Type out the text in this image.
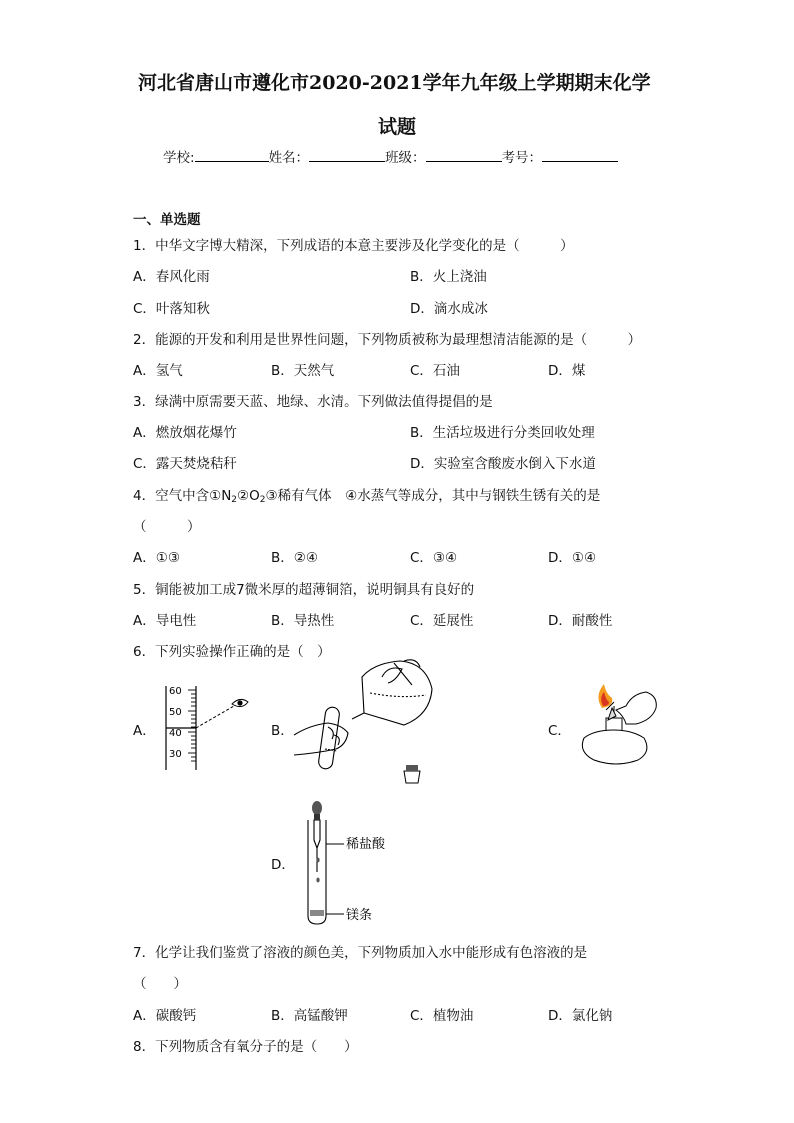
河北省唐山市遵化市2020-2021学年九年级上学期期末化学
试题
学校:	姓名：	班级：	考号：
一、单选题
1．中华文字博大精深，下列成语的本意主要涉及化学变化的是（　　　）
A．春风化雨	B．火上浇油
C．叶落知秋	D．滴水成冰
2．能源的开发和利用是世界性问题，下列物质被称为最理想清洁能源的是（　　　）
A．氢气	B．天然气	C．石油	D．煤
3．绿满中原需要天蓝、地绿、水清。下列做法值得提倡的是
A．燃放烟花爆竹	B．生活垃圾进行分类回收处理
C．露天焚烧秸秆	D．实验室含酸废水倒入下水道
4．空气中含$①N_2②O_2③$稀有气体　④水蒸气等成分，其中与钢铁生锈有关的是
（　　　）
A．①③	B．②④	C．③④	D．①④
5．铜能被加工成7微米厚的超薄铜箔，说明铜具有良好的
A．导电性	B．导热性	C．延展性	D．耐酸性
6．下列实验操作正确的是（　）
A．
60
50
40
30
B．	C．
D．
稀盐酸
镁条
7．化学让我们鉴赏了溶液的颜色美，下列物质加入水中能形成有色溶液的是
（　　）
A．碳酸钙	B．高锰酸钾	C．植物油	D．氯化钠
8．下列物质含有氧分子的是（　　）
